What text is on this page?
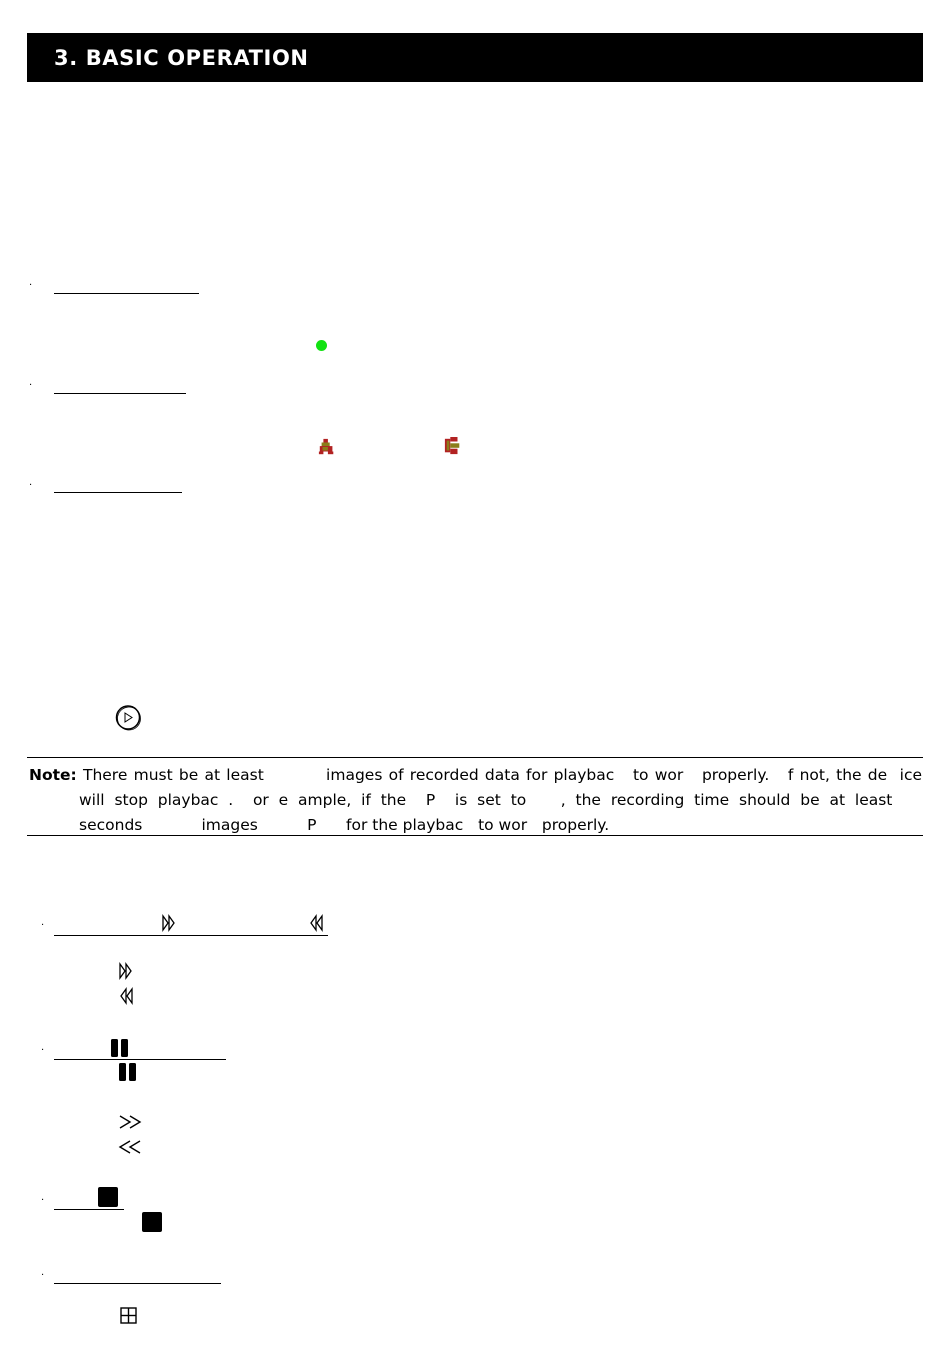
3. BASIC OPERATION
·
·
·
Note: There must be at least          images of recorded data for playbac   to wor   properly.   f not, the de  ice
will  stop  playbac  .    or  e  ample,  if  the    P    is  set  to       ,  the  recording  time  should  be  at  least
seconds            images          P      for the playbac   to wor   properly.
·
·
·
·
